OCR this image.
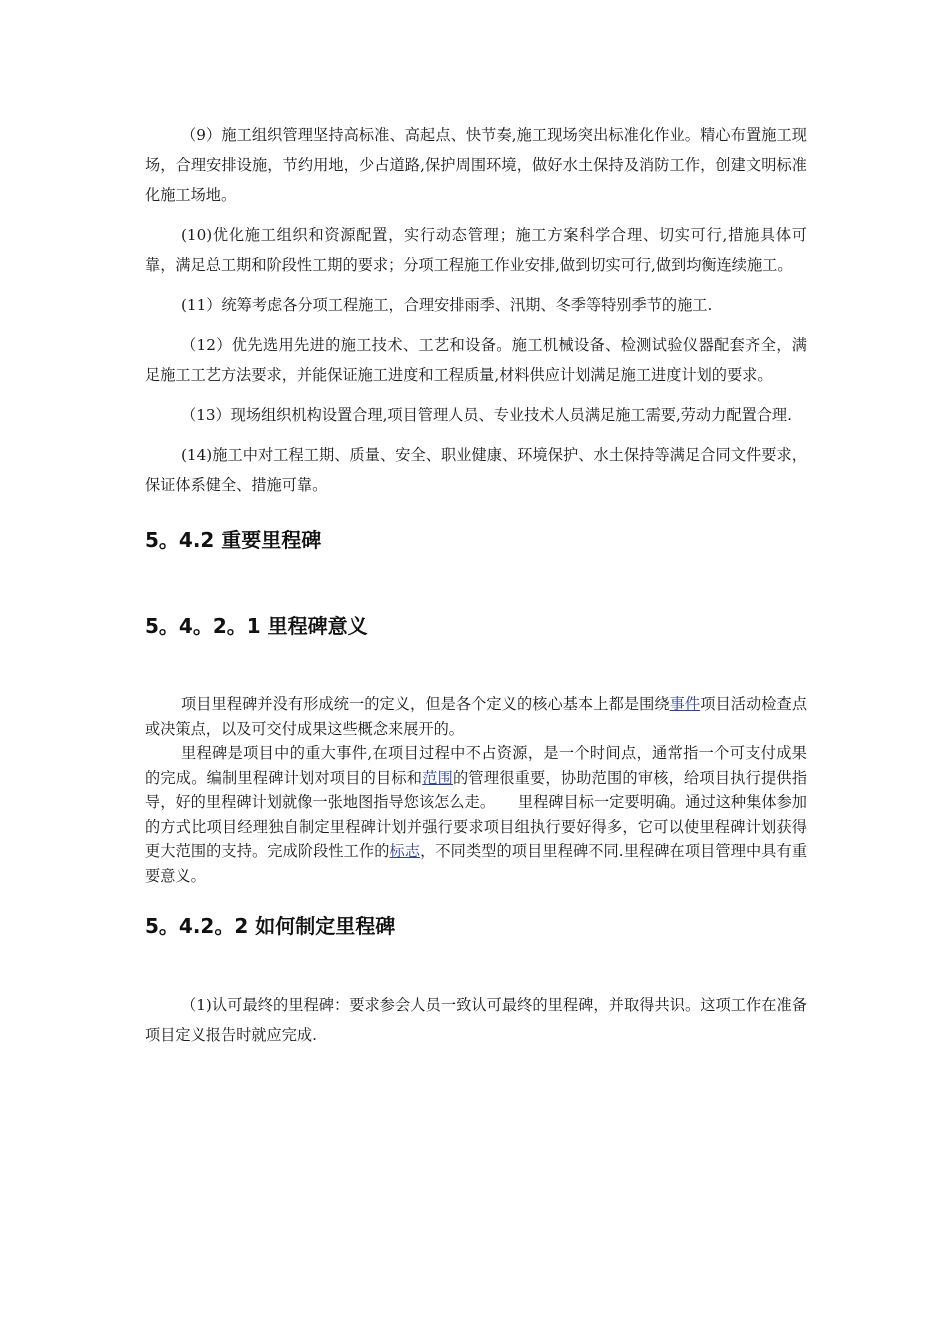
（9）施工组织管理坚持高标准、高起点、快节奏,施工现场突出标准化作业。精心布置施工现场，合理安排设施，节约用地，少占道路,保护周围环境，做好水土保持及消防工作，创建文明标准化施工场地。

(10)优化施工组织和资源配置，实行动态管理；施工方案科学合理、切实可行,措施具体可靠，满足总工期和阶段性工期的要求；分项工程施工作业安排,做到切实可行,做到均衡连续施工。

(11）统筹考虑各分项工程施工，合理安排雨季、汛期、冬季等特别季节的施工.

（12）优先选用先进的施工技术、工艺和设备。施工机械设备、检测试验仪器配套齐全，满足施工工艺方法要求，并能保证施工进度和工程质量,材料供应计划满足施工进度计划的要求。

（13）现场组织机构设置合理,项目管理人员、专业技术人员满足施工需要,劳动力配置合理.

(14)施工中对工程工期、质量、安全、职业健康、环境保护、水土保持等满足合同文件要求，保证体系健全、措施可靠。

5。4.2 重要里程碑
5。4。2。1 里程碑意义

项目里程碑并没有形成统一的定义，但是各个定义的核心基本上都是围绕事件项目活动检查点或决策点，以及可交付成果这些概念来展开的。

里程碑是项目中的重大事件,在项目过程中不占资源，是一个时间点，通常指一个可支付成果的完成。编制里程碑计划对项目的目标和范围的管理很重要，协助范围的审核，给项目执行提供指导，好的里程碑计划就像一张地图指导您该怎么走。　　里程碑目标一定要明确。通过这种集体参加的方式比项目经理独自制定里程碑计划并强行要求项目组执行要好得多，它可以使里程碑计划获得更大范围的支持。完成阶段性工作的标志，不同类型的项目里程碑不同.里程碑在项目管理中具有重要意义。

5。4.2。2 如何制定里程碑

（1)认可最终的里程碑：要求参会人员一致认可最终的里程碑，并取得共识。这项工作在准备项目定义报告时就应完成.
